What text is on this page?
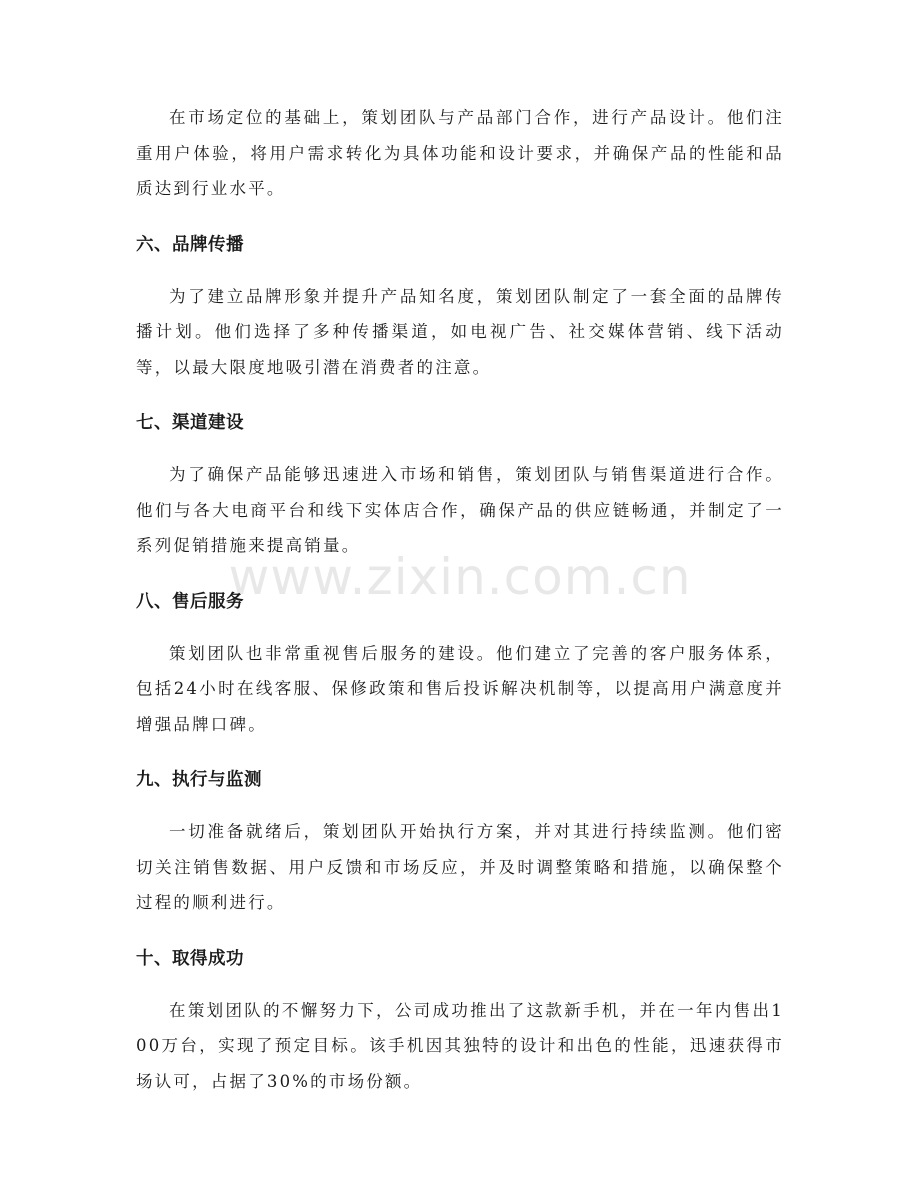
在市场定位的基础上，策划团队与产品部门合作，进行产品设计。他们注重用户体验，将用户需求转化为具体功能和设计要求，并确保产品的性能和品质达到行业水平。

六、品牌传播

为了建立品牌形象并提升产品知名度，策划团队制定了一套全面的品牌传播计划。他们选择了多种传播渠道，如电视广告、社交媒体营销、线下活动等，以最大限度地吸引潜在消费者的注意。

七、渠道建设

为了确保产品能够迅速进入市场和销售，策划团队与销售渠道进行合作。他们与各大电商平台和线下实体店合作，确保产品的供应链畅通，并制定了一系列促销措施来提高销量。

八、售后服务

策划团队也非常重视售后服务的建设。他们建立了完善的客户服务体系，包括24小时在线客服、保修政策和售后投诉解决机制等，以提高用户满意度并增强品牌口碑。

九、执行与监测

一切准备就绪后，策划团队开始执行方案，并对其进行持续监测。他们密切关注销售数据、用户反馈和市场反应，并及时调整策略和措施，以确保整个过程的顺利进行。

十、取得成功

在策划团队的不懈努力下，公司成功推出了这款新手机，并在一年内售出100万台，实现了预定目标。该手机因其独特的设计和出色的性能，迅速获得市场认可，占据了30%的市场份额。

www.zixin.com.cn
